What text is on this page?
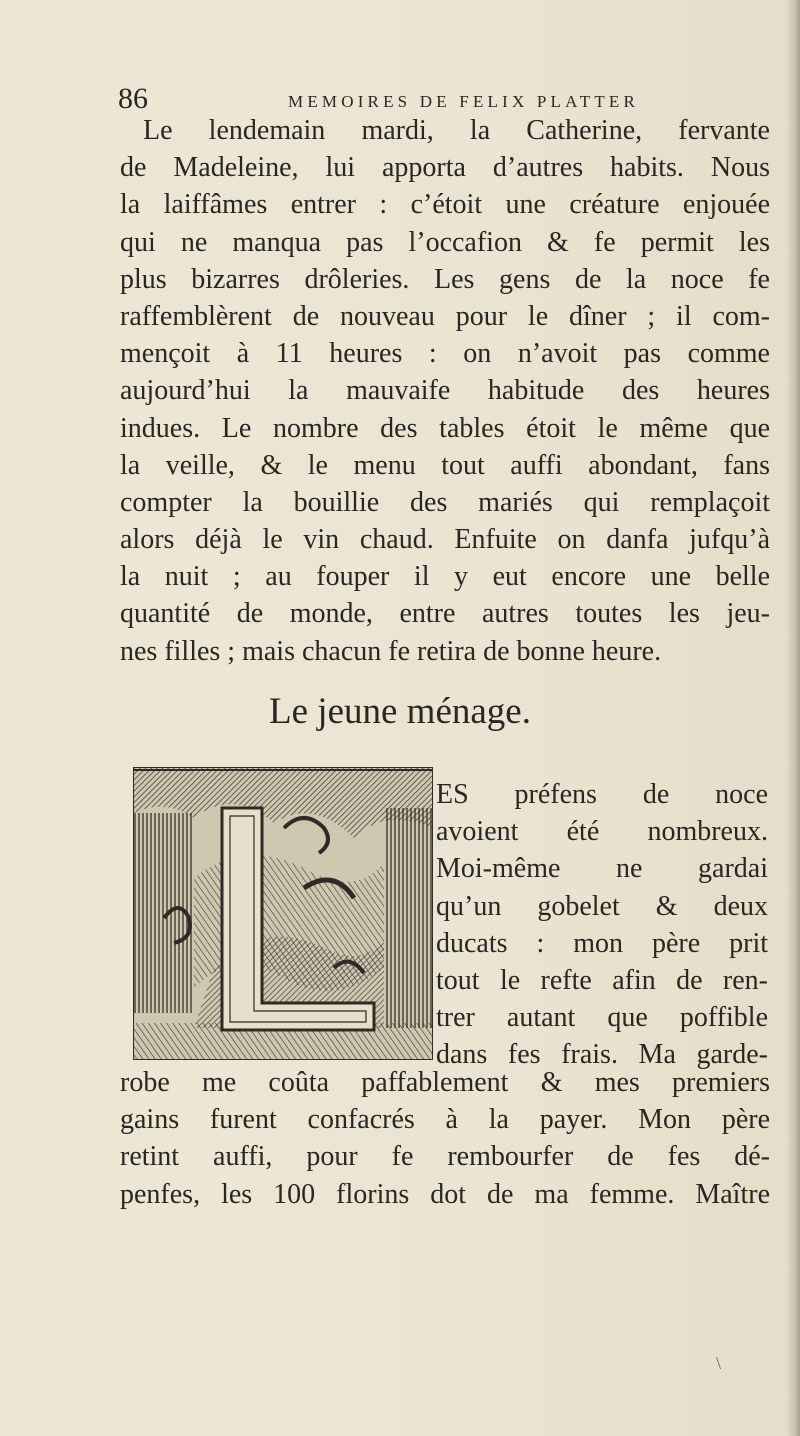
86	MEMOIRES DE FELIX PLATTER
Le lendemain mardi, la Catherine, fervante
de Madeleine, lui apporta d’autres habits. Nous
la laiffâmes entrer : c’étoit une créature enjouée
qui ne manqua pas l’occafion & fe permit les
plus bizarres drôleries. Les gens de la noce fe
raffemblèrent de nouveau pour le dîner ; il com-
mençoit à 11 heures : on n’avoit pas comme
aujourd’hui la mauvaife habitude des heures
indues. Le nombre des tables étoit le même que
la veille, & le menu tout auffi abondant, fans
compter la bouillie des mariés qui remplaçoit
alors déjà le vin chaud. Enfuite on danfa jufqu’à
la nuit ; au fouper il y eut encore une belle
quantité de monde, entre autres toutes les jeu-
nes filles ; mais chacun fe retira de bonne heure.
Le jeune ménage.
ES préfens de noce
avoient été nombreux.
Moi-même ne gardai
qu’un gobelet & deux
ducats : mon père prit
tout le refte afin de ren-
trer autant que poffible
dans fes frais. Ma garde-
robe me coûta paffablement & mes premiers
gains furent confacrés à la payer. Mon père
retint auffi, pour fe rembourfer de fes dé-
penfes, les 100 florins dot de ma femme. Maître
\
